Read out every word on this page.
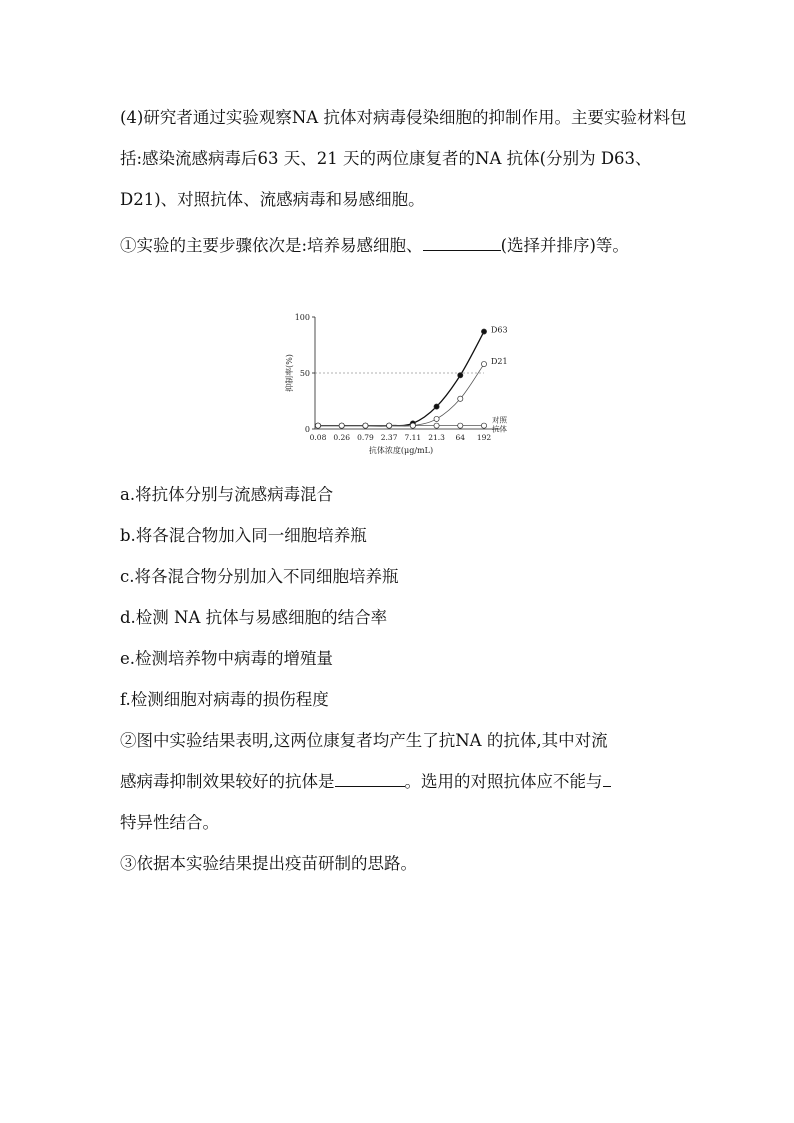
(4)研究者通过实验观察NA 抗体对病毒侵染细胞的抑制作用。主要实验材料包括:感染流感病毒后63 天、21 天的两位康复者的NA 抗体(分别为 D63、D21)、对照抗体、流感病毒和易感细胞。
①实验的主要步骤依次是:培养易感细胞、	(选择并排序)等。
0
50
100
0.08 0.26 0.79 2.37 7.11 21.3 64 192
抗体浓度(μg/mL)
抑制率(%)
D63
D21
对照
抗体
a.将抗体分别与流感病毒混合
b.将各混合物加入同一细胞培养瓶
c.将各混合物分别加入不同细胞培养瓶
d.检测 NA 抗体与易感细胞的结合率
e.检测培养物中病毒的增殖量
f.检测细胞对病毒的损伤程度
②图中实验结果表明,这两位康复者均产生了抗NA 的抗体,其中对流
感病毒抑制效果较好的抗体是	。选用的对照抗体应不能与
特异性结合。
③依据本实验结果提出疫苗研制的思路。
